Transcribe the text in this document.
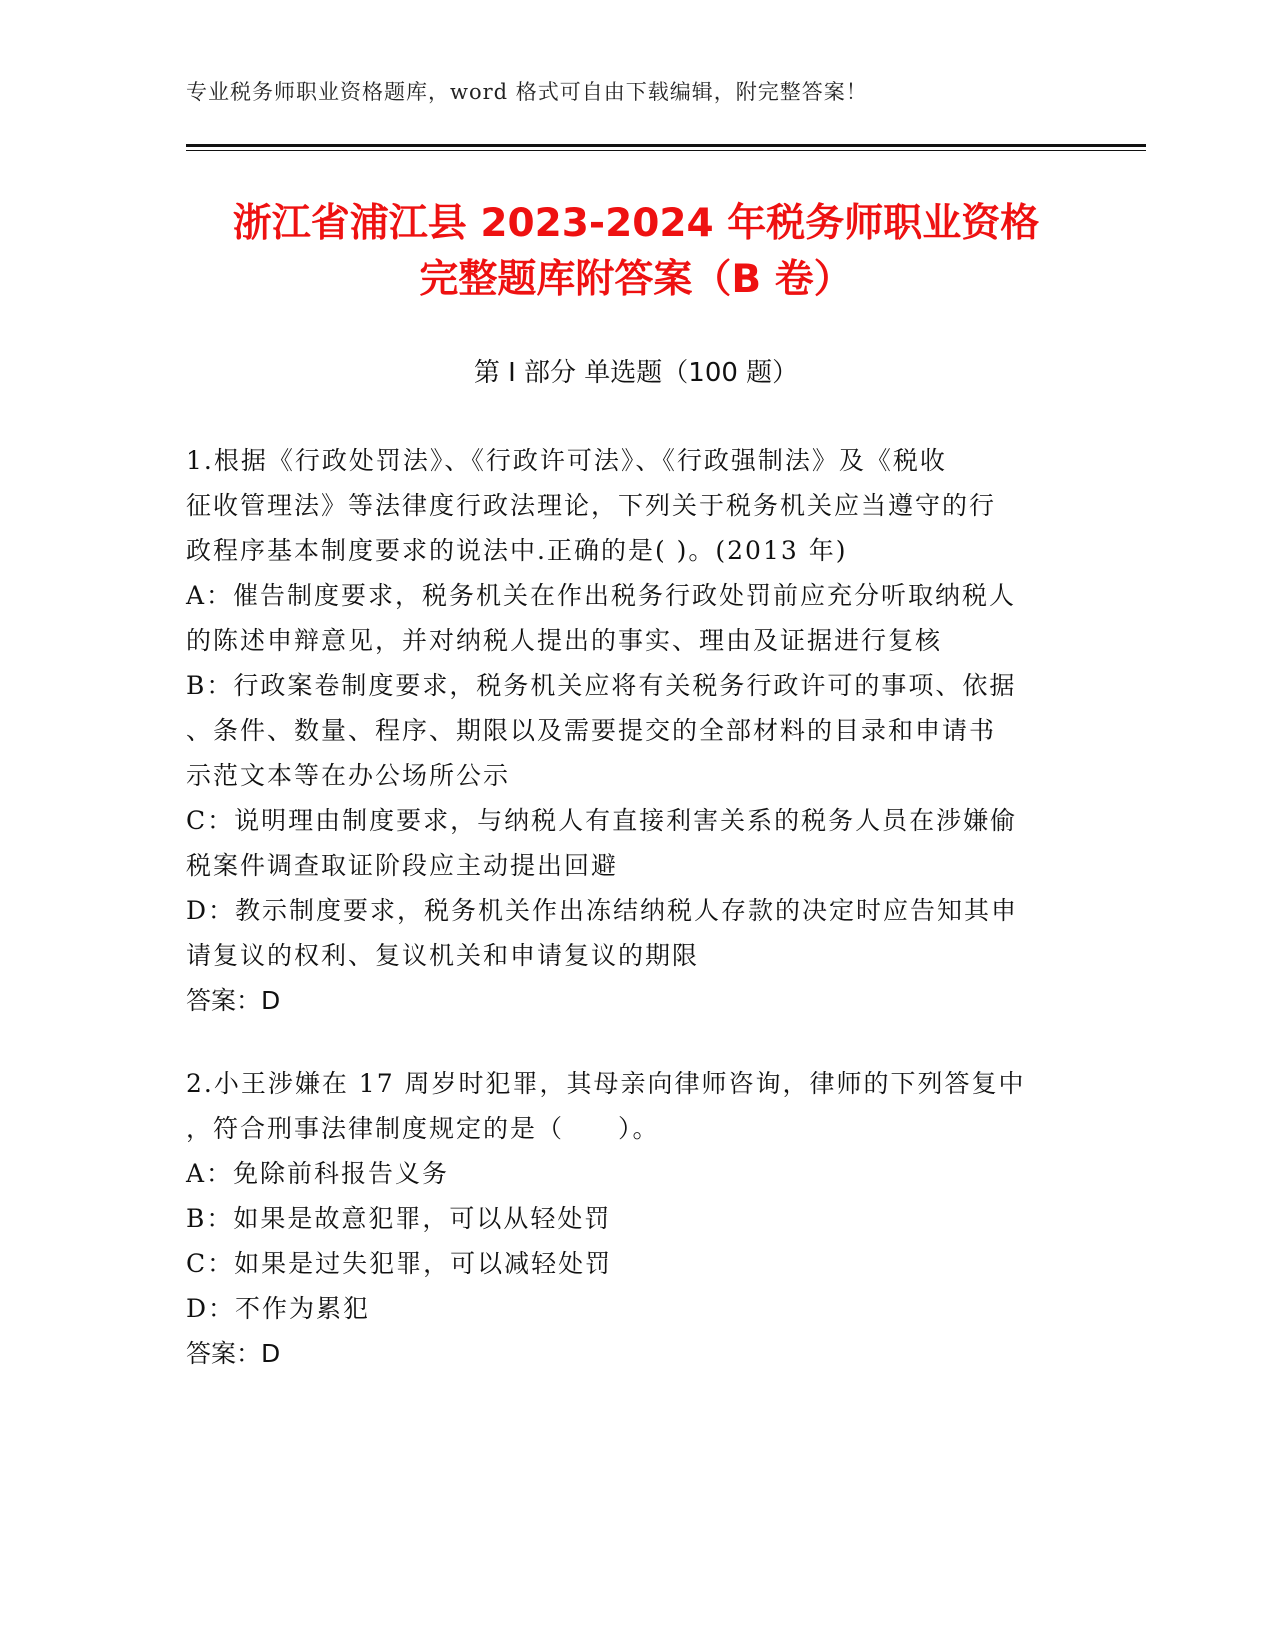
专业税务师职业资格题库，word 格式可自由下载编辑，附完整答案！
浙江省浦江县 2023-2024 年税务师职业资格
完整题库附答案（B 卷）
第 I 部分 单选题（100 题）
1.根据《行政处罚法》、《行政许可法》、《行政强制法》及《税收
征收管理法》等法律度行政法理论，下列关于税务机关应当遵守的行
政程序基本制度要求的说法中.正确的是( )。(2013 年)
A：催告制度要求，税务机关在作出税务行政处罚前应充分听取纳税人
的陈述申辩意见，并对纳税人提出的事实、理由及证据进行复核
B：行政案卷制度要求，税务机关应将有关税务行政许可的事项、依据
、条件、数量、程序、期限以及需要提交的全部材料的目录和申请书
示范文本等在办公场所公示
C：说明理由制度要求，与纳税人有直接利害关系的税务人员在涉嫌偷
税案件调查取证阶段应主动提出回避
D：教示制度要求，税务机关作出冻结纳税人存款的决定时应告知其申
请复议的权利、复议机关和申请复议的期限
答案：D
2.小王涉嫌在 17 周岁时犯罪，其母亲向律师咨询，律师的下列答复中
，符合刑事法律制度规定的是（　　）。
A：免除前科报告义务
B：如果是故意犯罪，可以从轻处罚
C：如果是过失犯罪，可以减轻处罚
D：不作为累犯
答案：D
